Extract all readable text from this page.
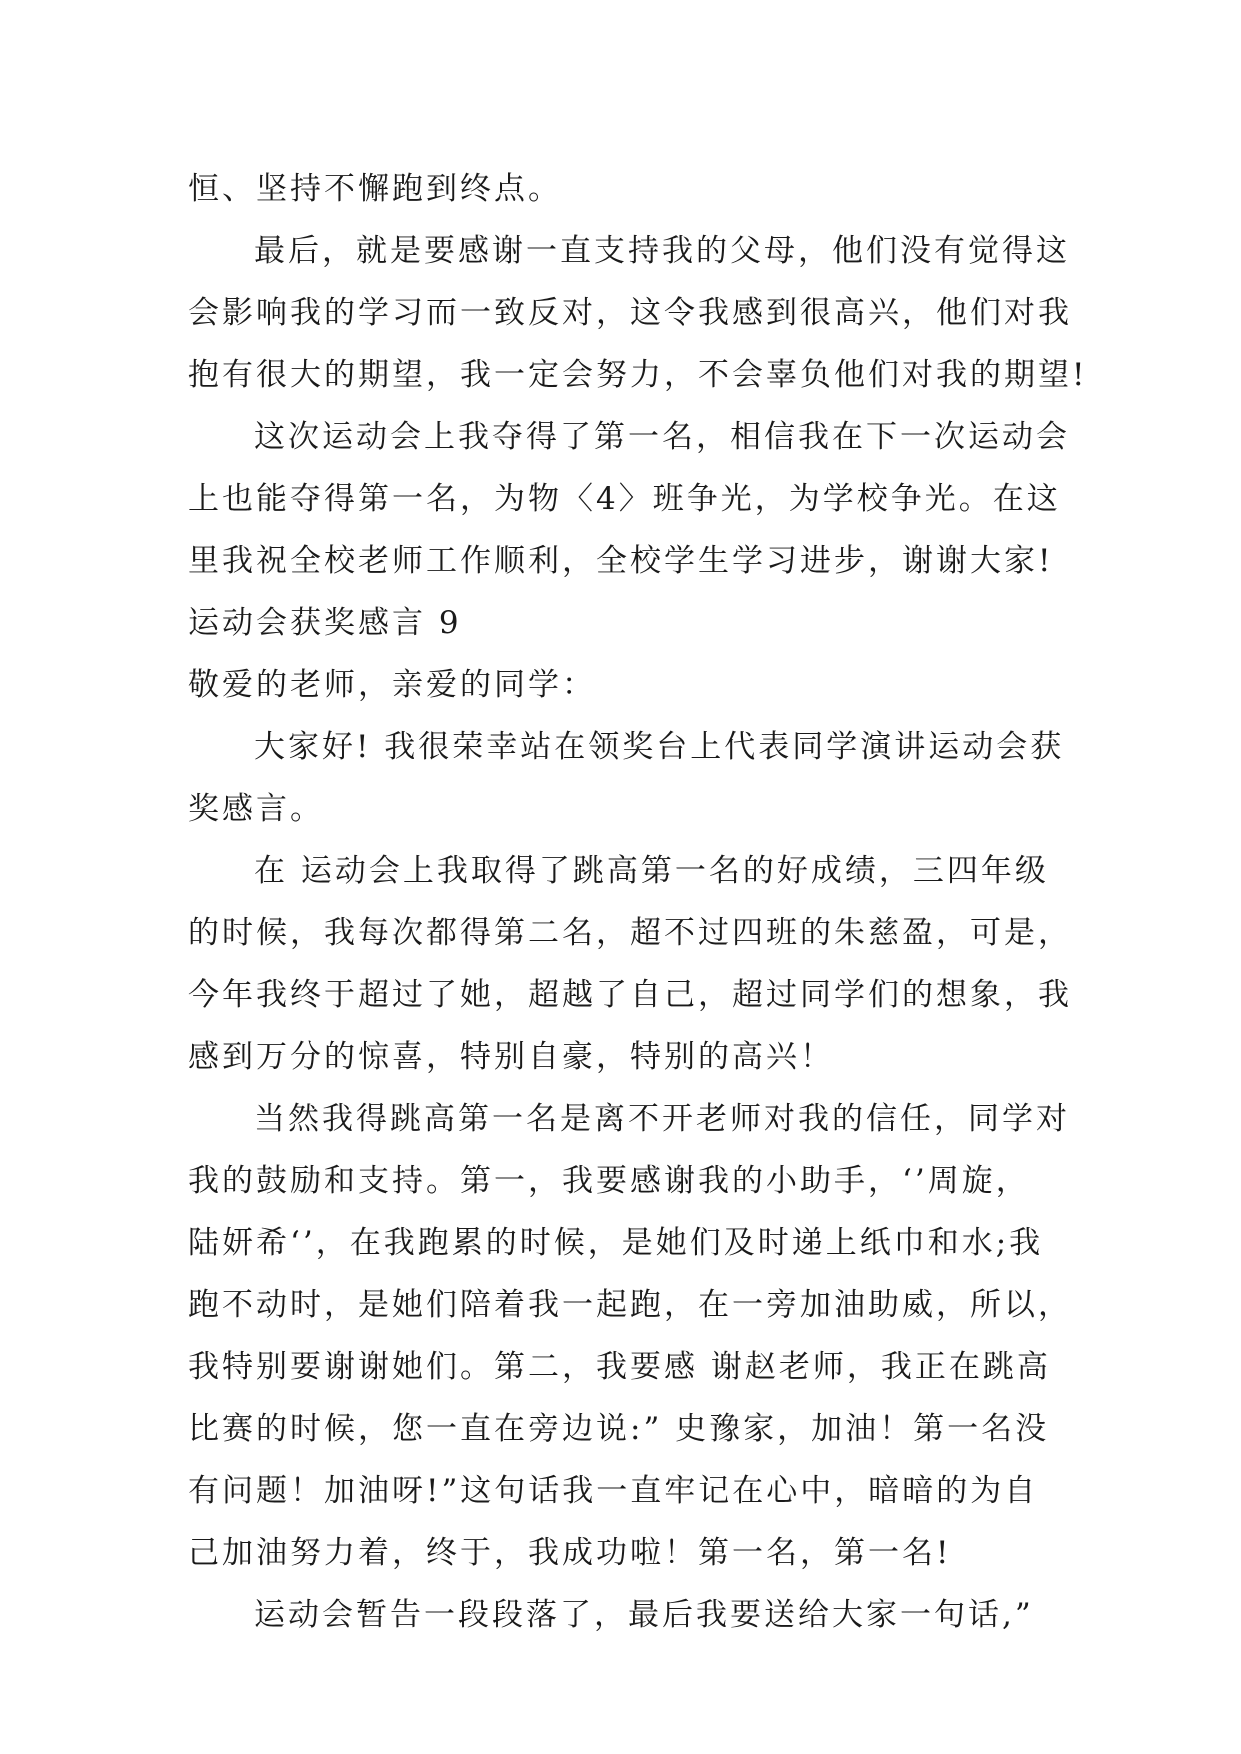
恒、坚持不懈跑到终点。
最后，就是要感谢一直支持我的父母，他们没有觉得这
会影响我的学习而一致反对，这令我感到很高兴，他们对我
抱有很大的期望，我一定会努力，不会辜负他们对我的期望!
这次运动会上我夺得了第一名，相信我在下一次运动会
上也能夺得第一名，为物〈4〉班争光，为学校争光。在这
里我祝全校老师工作顺利，全校学生学习进步，谢谢大家!
运动会获奖感言 9
敬爱的老师，亲爱的同学：
大家好! 我很荣幸站在领奖台上代表同学演讲运动会获
奖感言。
在 运动会上我取得了跳高第一名的好成绩，三四年级
的时候，我每次都得第二名，超不过四班的朱慈盈，可是，
今年我终于超过了她，超越了自己，超过同学们的想象，我
感到万分的惊喜，特别自豪，特别的高兴！
当然我得跳高第一名是离不开老师对我的信任，同学对
我的鼓励和支持。第一，我要感谢我的小助手，‘’周旋，
陆妍希‘’，在我跑累的时候，是她们及时递上纸巾和水;我
跑不动时，是她们陪着我一起跑，在一旁加油助威，所以，
我特别要谢谢她们。第二，我要感 谢赵老师，我正在跳高
比赛的时候，您一直在旁边说:” 史豫家，加油！第一名没
有问题！加油呀!”这句话我一直牢记在心中，暗暗的为自
己加油努力着，终于，我成功啦！第一名，第一名!
运动会暂告一段段落了，最后我要送给大家一句话,”
